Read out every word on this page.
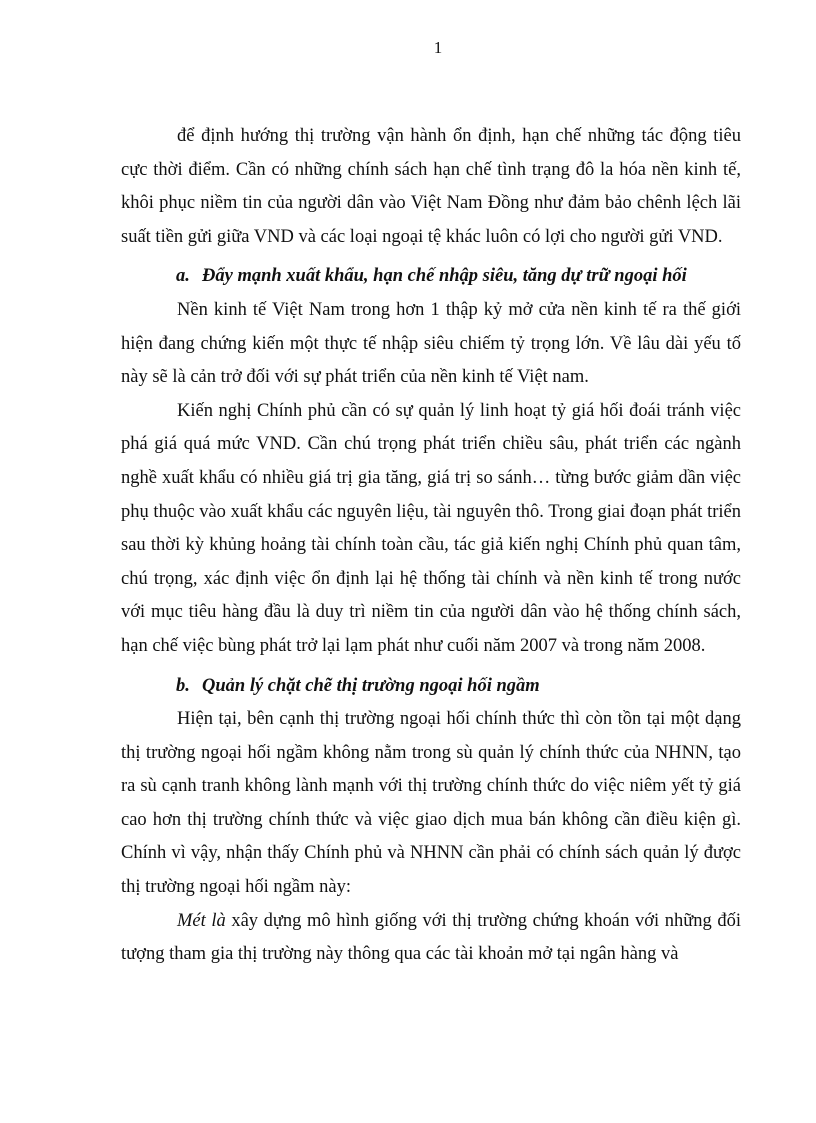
1

để định hướng thị trường vận hành ổn định, hạn chế những tác động tiêu cực thời điểm. Cần có những chính sách hạn chế tình trạng đô la hóa nền kinh tế, khôi phục niềm tin của người dân vào Việt Nam Đồng như đảm bảo chênh lệch lãi suất tiền gửi giữa VND và các loại ngoại tệ khác luôn có lợi cho người gửi VND.

a. Đẩy mạnh xuất khẩu, hạn chế nhập siêu, tăng dự trữ ngoại hối

Nền kinh tế Việt Nam trong hơn 1 thập kỷ mở cửa nền kinh tế ra thế giới hiện đang chứng kiến một thực tế nhập siêu chiếm tỷ trọng lớn. Về lâu dài yếu tố này sẽ là cản trở đối với sự phát triển của nền kinh tế Việt nam.

Kiến nghị Chính phủ cần có sự quản lý linh hoạt tỷ giá hối đoái tránh việc phá giá quá mức VND. Cần chú trọng phát triển chiều sâu, phát triển các ngành nghề xuất khẩu có nhiều giá trị gia tăng, giá trị so sánh… từng bước giảm dần việc phụ thuộc vào xuất khẩu các nguyên liệu, tài nguyên thô. Trong giai đoạn phát triển sau thời kỳ khủng hoảng tài chính toàn cầu, tác giả kiến nghị Chính phủ quan tâm, chú trọng, xác định việc ổn định lại hệ thống tài chính và nền kinh tế trong nước với mục tiêu hàng đầu là duy trì niềm tin của người dân vào hệ thống chính sách, hạn chế việc bùng phát trở lại lạm phát như cuối năm 2007 và trong năm 2008.

b. Quản lý chặt chẽ thị trường ngoại hối ngầm

Hiện tại, bên cạnh thị trường ngoại hối chính thức thì còn tồn tại một dạng thị trường ngoại hối ngầm không nằm trong sù quản lý chính thức của NHNN, tạo ra sù cạnh tranh không lành mạnh với thị trường chính thức do việc niêm yết tỷ giá cao hơn thị trường chính thức và việc giao dịch mua bán không cần điều kiện gì. Chính vì vậy, nhận thấy Chính phủ và NHNN cần phải có chính sách quản lý được thị trường ngoại hối ngầm này:

Mét là xây dựng mô hình giống với thị trường chứng khoán với những đối tượng tham gia thị trường này thông qua các tài khoản mở tại ngân hàng và
